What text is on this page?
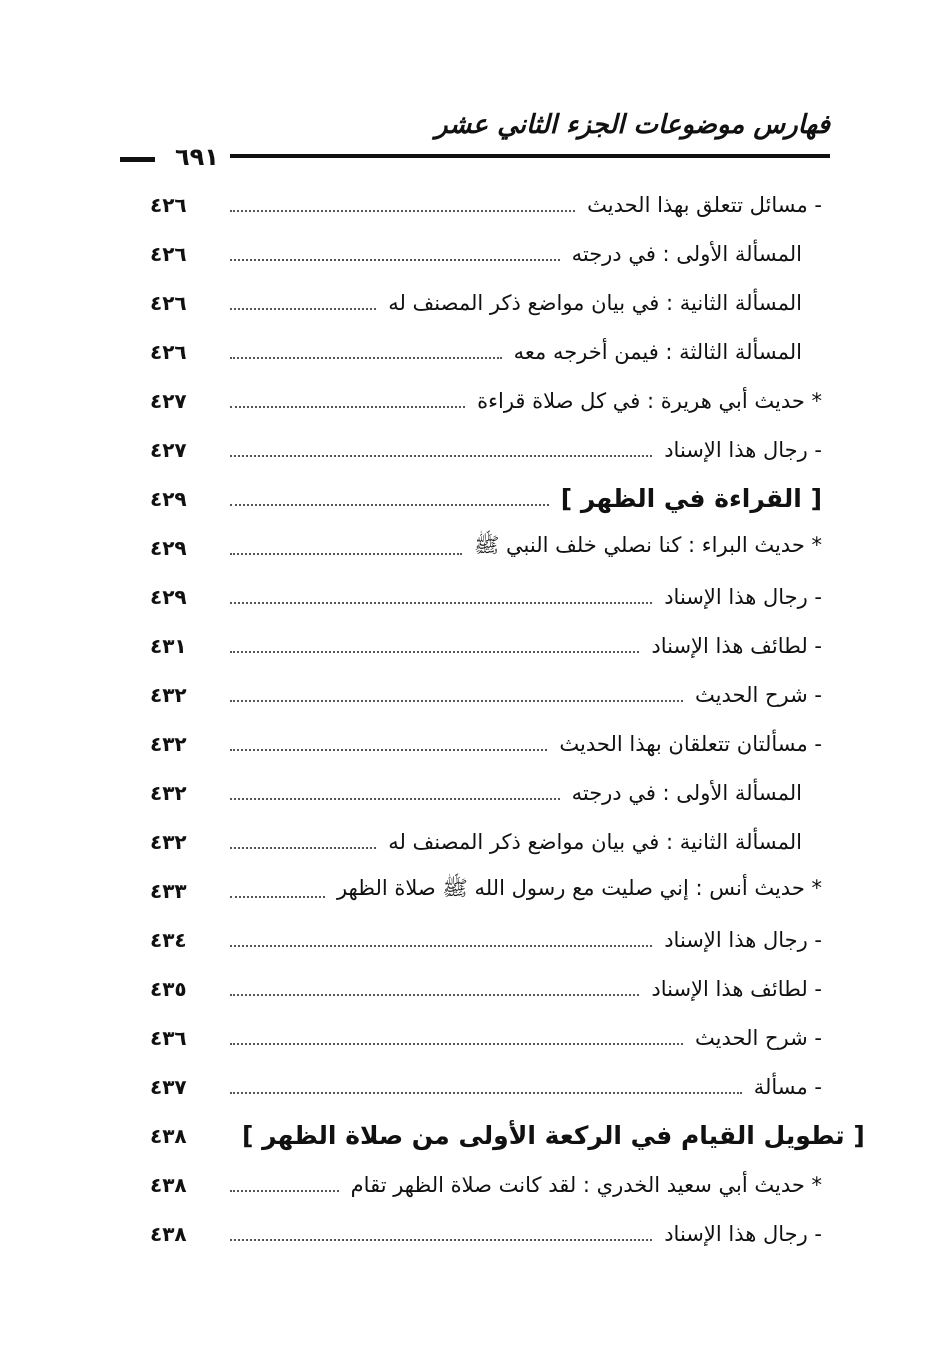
فهارس موضوعات الجزء الثاني عشر
٦٩١
٤٢٦	- مسائل تتعلق بهذا الحديث
٤٢٦	المسألة الأولى : في درجته
٤٢٦	المسألة الثانية : في بيان مواضع ذكر المصنف له
٤٢٦	المسألة الثالثة : فيمن أخرجه معه
٤٢٧	* حديث أبي هريرة : في كل صلاة قراءة
٤٢٧	- رجال هذا الإسناد
٤٢٩	[ القراءة في الظهر ]
٤٢٩	* حديث البراء : كنا نصلي خلف النبي ﷺ
٤٢٩	- رجال هذا الإسناد
٤٣١	- لطائف هذا الإسناد
٤٣٢	- شرح الحديث
٤٣٢	- مسألتان تتعلقان بهذا الحديث
٤٣٢	المسألة الأولى : في درجته
٤٣٢	المسألة الثانية : في بيان مواضع ذكر المصنف له
٤٣٣	* حديث أنس : إني صليت مع رسول الله ﷺ صلاة الظهر
٤٣٤	- رجال هذا الإسناد
٤٣٥	- لطائف هذا الإسناد
٤٣٦	- شرح الحديث
٤٣٧	- مسألة
٤٣٨	[ تطويل القيام في الركعة الأولى من صلاة الظهر ]
٤٣٨	* حديث أبي سعيد الخدري : لقد كانت صلاة الظهر تقام
٤٣٨	- رجال هذا الإسناد
